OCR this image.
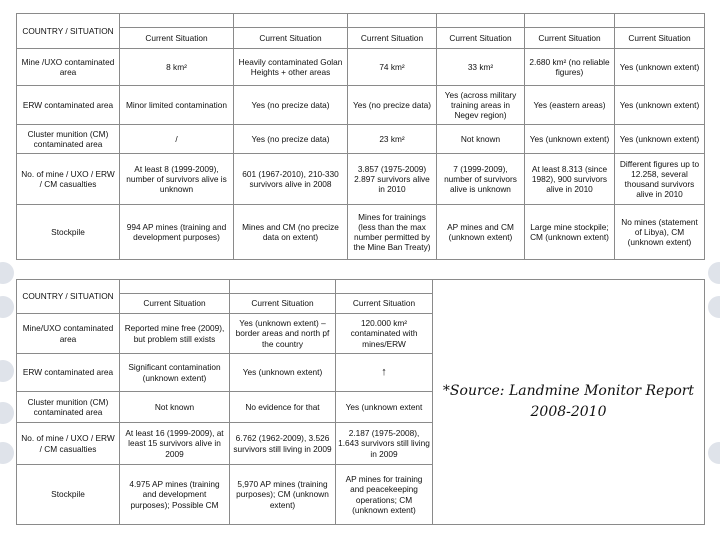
COUNTRY / SITUATION	CYPRUS	SYRIA	LEBANON	ISRAEL	EGYPT	LIBYA
	Current Situation	Current Situation	Current Situation	Current Situation	Current Situation	Current Situation
Mine /UXO contaminated area	8 km²	Heavily contaminated Golan Heights + other areas	74 km²	33 km²	2.680 km² (no reliable figures)	Yes (unknown extent)
ERW contaminated area	Minor limited contamination	Yes (no precize data)	Yes (no precize data)	Yes (across military training areas in Negev region)	Yes (eastern areas)	Yes (unknown extent)
Cluster munition (CM) contaminated area	/	Yes (no precize data)	23 km²	Not known	Yes (unknown extent)	Yes (unknown extent)
No. of mine / UXO / ERW / CM casualties	At least 8 (1999-2009), number of survivors alive is unknown	601 (1967-2010), 210-330 survivors alive in 2008	3.857 (1975-2009) 2.897 survivors alive in 2010	7 (1999-2009), number of survivors alive is unknown	At least 8.313 (since 1982), 900 survivors alive in 2010	Different figures up to 12.258, several thousand survivors alive in 2010
Stockpile	994 AP mines (training and development purposes)	Mines and CM (no precize data on extent)	Mines for trainings (less than the max number permitted by the Mine Ban Treaty)	AP mines and CM (unknown extent)	Large mine stockpile; CM (unknown extent)	No mines (statement of Libya), CM (unknown extent)
COUNTRY / SITUATION	TUNISIA	ALGERIA	MOROCCO	*Source: Landmine Monitor Report 2008-2010
	Current Situation	Current Situation	Current Situation	
Mine/UXO contaminated area	Reported mine free (2009), but problem still exists	Yes (unknown extent) – border areas and north pf the country	120.000 km² contaminated with mines/ERW	
ERW contaminated area	Significant contamination (unknown extent)	Yes (unknown extent)	↑	
Cluster munition (CM) contaminated area	Not known	No evidence for that	Yes (unknown extent	
No. of mine / UXO / ERW / CM casualties	At least 16 (1999-2009), at least 15 survivors alive in 2009	6.762 (1962-2009), 3.526 survivors still living in 2009	2.187 (1975-2008), 1.643 survivors still living in 2009	
Stockpile	4.975 AP mines (training and development purposes); Possible CM	5,970 AP mines (training purposes); CM (unknown extent)	AP mines for training and peacekeeping operations; CM (unknown extent)	
